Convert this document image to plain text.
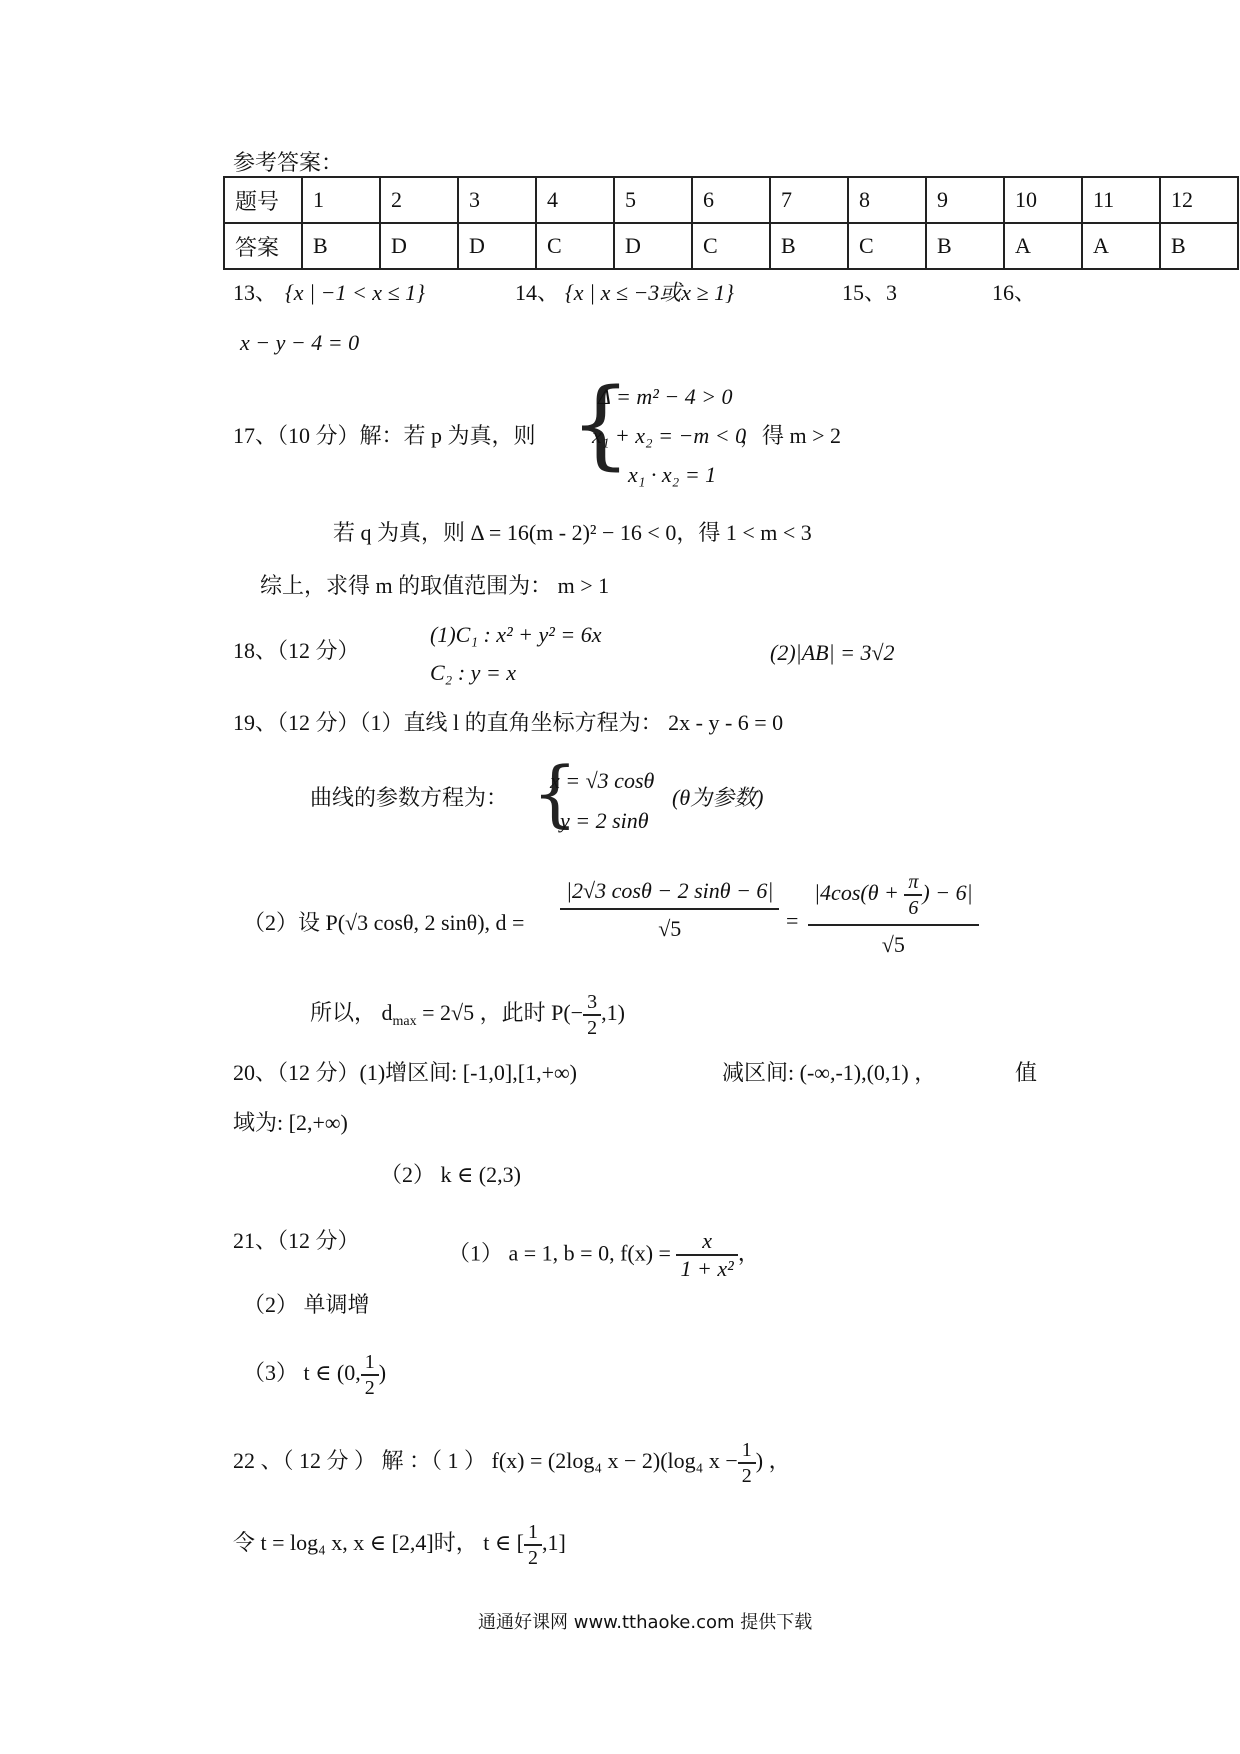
参考答案：
题号	1	2	3	4	5	6	7	8	9	10	11	12
答案	B	D	D	C	D	C	B	C	B	A	A	B
13、 {x | −1 < x ≤ 1}	14、 {x | x ≤ −3或x ≥ 1}	15、3	16、
x − y − 4 = 0
17、（10 分）解：若 p 为真，则 {
Δ = m² − 4 > 0
x₁ + x₂ = −m < 0
x₁ · x₂ = 1
，得 m > 2
若 q 为真，则 Δ = 16(m - 2)² − 16 < 0，得 1 < m < 3
综上，求得 m 的取值范围为： m > 1
18、（12 分）
(1)C₁ : x² + y² = 6x
C₂ : y = x
(2)|AB| = 3√2
19、（12 分）（1）直线 l 的直角坐标方程为： 2x - y - 6 = 0
曲线的参数方程为： {
x = √3 cosθ
y = 2 sinθ
(θ为参数)
（2）设 P(√3 cosθ, 2 sinθ), $d = \frac{|2√3 \cos\theta - 2 \sin\theta - 6|}{√5} = \frac{|4\cos(\theta + \frac{\pi}{6} ) - 6|}{√5}$
所以， $d_{max} = 2√5$ ，此时 $P(- \frac{3}{2} ,1)$
20、（12 分）(1)增区间: [-1,0],[1,+∞)	减区间: (-∞,-1),(0,1) ，	值
域为: [2,+∞)
（2） k ∈ (2,3)
21、（12 分）	（1） a = 1, b = 0, $f(x) = \frac{x}{\text{1 + x²}}$ ，
（2） 单调增
（3） t ∈ (0, $\frac{1}{2}$ )
22 、（ 12 分 ） 解 ：（ 1 ） f(x) = (2log₄ x − 2)(log₄ $x - \frac{1}{2}$ ) ，
令 t = log₄ x, x ∈ [2,4]时， t ∈ [ $\frac{1}{2} ,1$]
通通好课网 www.tthaoke.com 提供下载
